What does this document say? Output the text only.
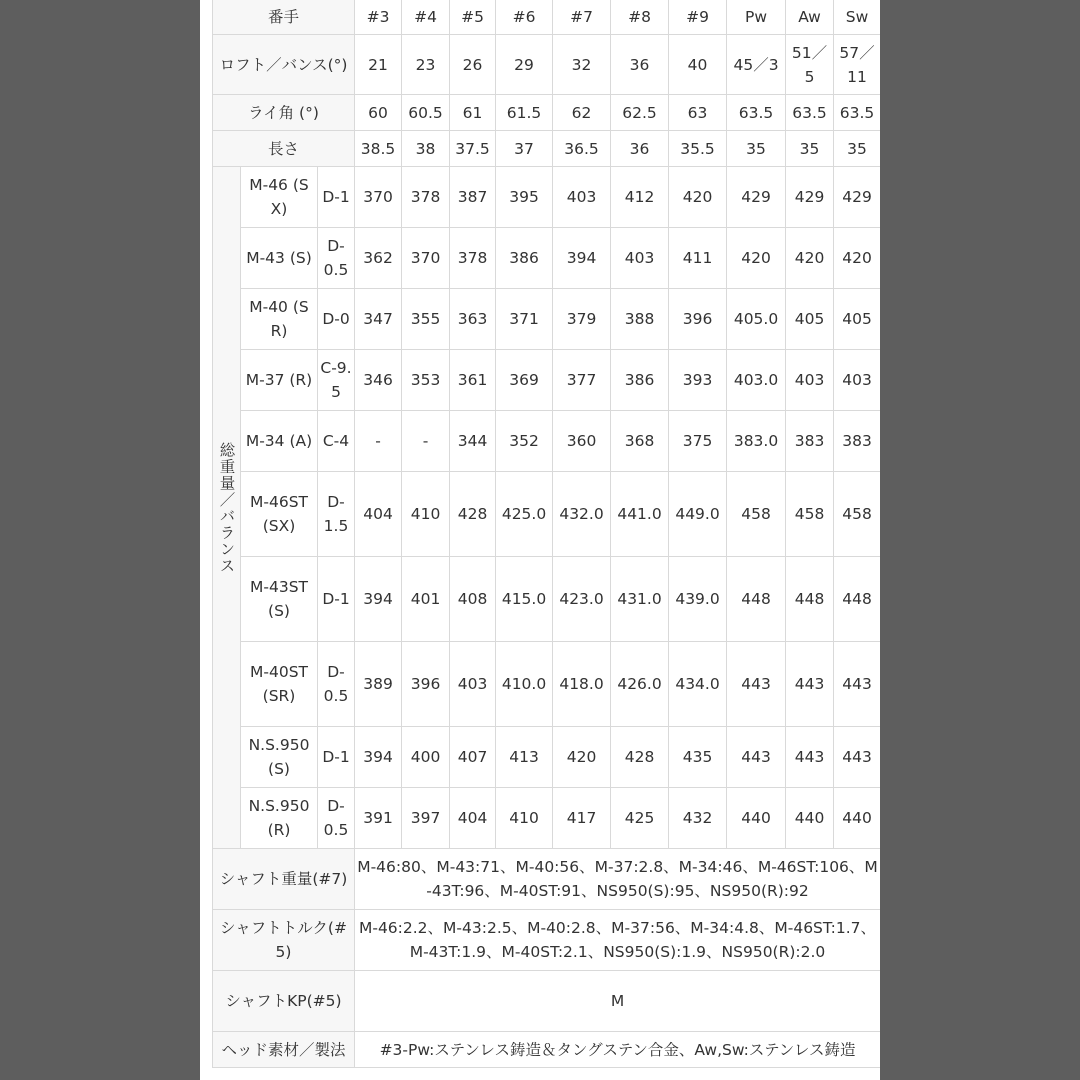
番手			#3	#4	#5	#6	#7	#8	#9	Pw	Aw	Sw
ロフト／バンス(°)			21	23	26	29	32	36	40	45／3	51／5	57／11
ライ角 (°)			60	60.5	61	61.5	62	62.5	63	63.5	63.5	63.5
長さ			38.5	38	37.5	37	36.5	36	35.5	35	35	35
総重量／バランス	M-46 (SX)	D-1	370	378	387	395	403	412	420	429	429	429
	M-43 (S)	D-0.5	362	370	378	386	394	403	411	420	420	420
	M-40 (SR)	D-0	347	355	363	371	379	388	396	405.0	405	405
	M-37 (R)	C-9.5	346	353	361	369	377	386	393	403.0	403	403
	M-34 (A)	C-4	-	-	344	352	360	368	375	383.0	383	383
	M-46ST (SX)	D-1.5	404	410	428	425.0	432.0	441.0	449.0	458	458	458
	M-43ST (S)	D-1	394	401	408	415.0	423.0	431.0	439.0	448	448	448
	M-40ST (SR)	D-0.5	389	396	403	410.0	418.0	426.0	434.0	443	443	443
	N.S.950 (S)	D-1	394	400	407	413	420	428	435	443	443	443
	N.S.950 (R)	D-0.5	391	397	404	410	417	425	432	440	440	440
シャフト重量(#7)			M-46:80、M-43:71、M-40:56、M-37:2.8、M-34:46、M-46ST:106、M-43T:96、M-40ST:91、NS950(S):95、NS950(R):92									
シャフトトルク(#5)			M-46:2.2、M-43:2.5、M-40:2.8、M-37:56、M-34:4.8、M-46ST:1.7、M-43T:1.9、M-40ST:2.1、NS950(S):1.9、NS950(R):2.0									
シャフトKP(#5)			M									
ヘッド素材／製法			#3-Pw:ステンレス鋳造＆タングステン合金、Aw,Sw:ステンレス鋳造									
